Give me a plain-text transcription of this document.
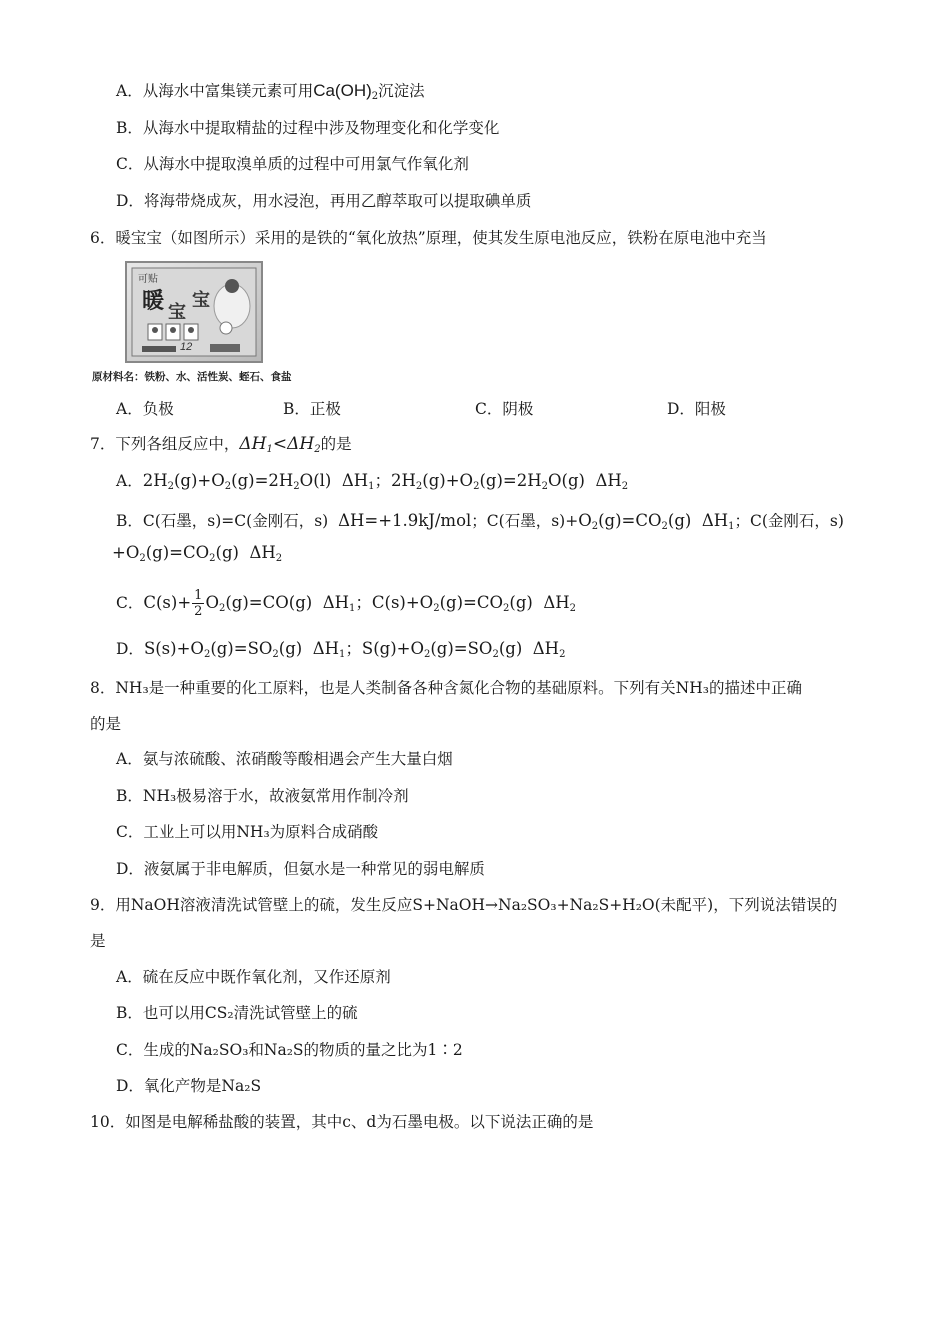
A．从海水中富集镁元素可用$Ca(OH)_2$沉淀法
B．从海水中提取精盐的过程中涉及物理变化和化学变化
C．从海水中提取溴单质的过程中可用氯气作氧化剂
D．将海带烧成灰，用水浸泡，再用乙醇萃取可以提取碘单质
6．暖宝宝（如图所示）采用的是铁的“氧化放热”原理，使其发生原电池反应，铁粉在原电池中充当
可贴
暖 宝
宝
12
原材料名：铁粉、水、活性炭、蛭石、食盐
A．负极	B．正极	C．阴极	D．阳极
7．下列各组反应中，$\Delta H_1<\Delta H_2$的是
A．$2H_2(g)+O_2(g)=2H_2O(l)$  $\Delta H_1$；$2H_2(g)+O_2(g)=2H_2O(g)$  $\Delta H_2$
B．C(石墨，s)=C(金刚石，s)  ΔH=+1.9kJ/mol；C(石墨，$s)+O_2(g)=CO_2(g)$  $\Delta H_1$；C(金刚石，s)
$+O_2(g)=CO_2(g)$  $\Delta H_2$
C．$C(s)+ \frac{1}{2} O_2(g)=CO(g)$  $\Delta H_1$；$C(s)+O_2(g)=CO_2(g)$  $\Delta H_2$
D．$S(s)+O_2(g)=SO_2(g)$  $\Delta H_1$；$S(g)+O_2(g)=SO_2(g)$  $\Delta H_2$
8．NH₃是一种重要的化工原料，也是人类制备各种含氮化合物的基础原料。下列有关NH₃的描述中正确
的是
A．氨与浓硫酸、浓硝酸等酸相遇会产生大量白烟
B．NH₃极易溶于水，故液氨常用作制冷剂
C．工业上可以用NH₃为原料合成硝酸
D．液氨属于非电解质，但氨水是一种常见的弱电解质
9．用NaOH溶液清洗试管壁上的硫，发生反应S+NaOH→Na₂SO₃+Na₂S+H₂O(未配平)，下列说法错误的
是
A．硫在反应中既作氧化剂，又作还原剂
B．也可以用CS₂清洗试管壁上的硫
C．生成的Na₂SO₃和Na₂S的物质的量之比为1∶2
D．氧化产物是Na₂S
10．如图是电解稀盐酸的装置，其中c、d为石墨电极。以下说法正确的是
